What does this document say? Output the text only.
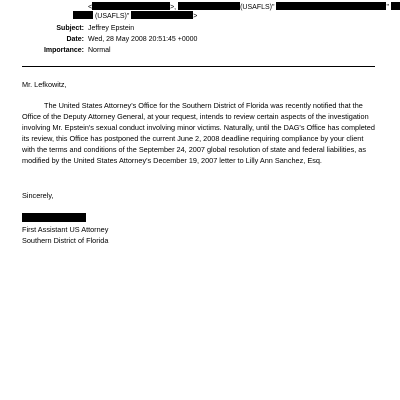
<	>,	(USAFLS)"	"
(USAFLS)"	>
Subject: Jeffrey Epstein
Date: Wed, 28 May 2008 20:51:45 +0000
Importance: Normal
Mr. Lefkowitz,

The United States Attorney's Office for the Southern District of Florida was recently notified that the Office of the Deputy Attorney General, at your request, intends to review certain aspects of the investigation involving Mr. Epstein's sexual conduct involving minor victims. Naturally, until the DAG's Office has completed its review, this Office has postponed the current June 2, 2008 deadline requiring compliance by your client with the terms and conditions of the September 24, 2007 global resolution of state and federal liabilities, as modified by the United States Attorney's December 19, 2007 letter to Lilly Ann Sanchez, Esq.

Sincerely,
First Assistant US Attorney
Southern District of Florida
